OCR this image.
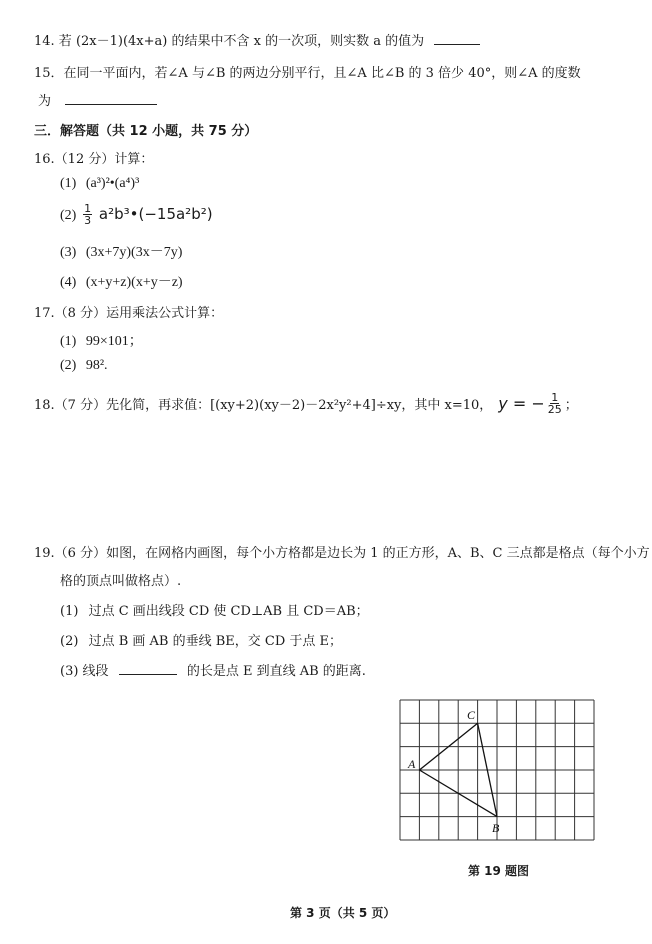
14. 若 (2x－1)(4x+a) 的结果中不含 x 的一次项，则实数 a 的值为
15．在同一平面内，若∠A 与∠B 的两边分别平行，且∠A 比∠B 的 3 倍少 40°，则∠A 的度数
为
三．解答题（共 12 小题，共 75 分）
16.（12 分）计算：
(1) (a³)²•(a⁴)³
$(2) \frac{1}{3}$ a²b³•(−15a²b²)
(3) (3x+7y)(3x－7y)
(4) (x+y+z)(x+y－z)
17.（8 分）运用乘法公式计算：
(1) 99×101；
(2) 98².
18.（7 分）先化简，再求值：[(xy+2)(xy－2)－2x²y²+4]÷xy，其中 x=10， y = − $\frac{1}{25}$ ；
19.（6 分）如图，在网格内画图，每个小方格都是边长为 1 的正方形，A、B、C 三点都是格点（每个小方
格的顶点叫做格点）.
(1) 过点 C 画出线段 CD 使 CD⊥AB 且 CD＝AB；
(2) 过点 B 画 AB 的垂线 BE，交 CD 于点 E；
(3) 线段	的长是点 E 到直线 AB 的距离.
A
C
B
第 19 题图
第 3 页（共 5 页）
